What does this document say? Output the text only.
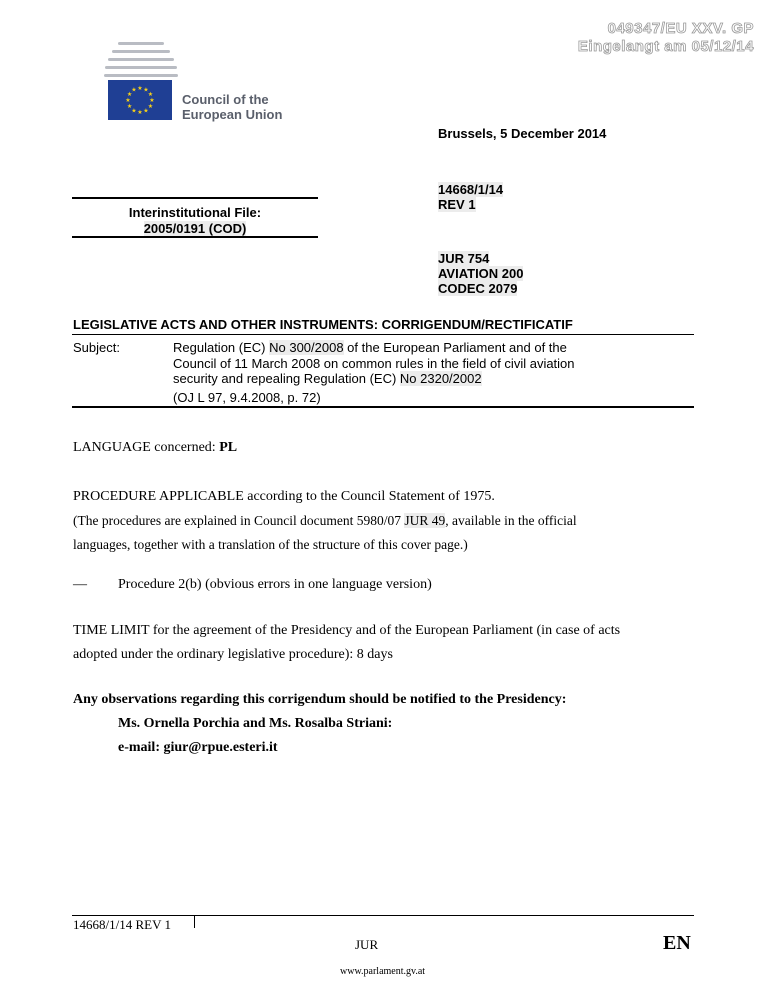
049347/EU XXV. GP
Eingelangt am 05/12/14
★ ★
★
★
★
★
★
★
★
★
★
★
Council of the
European Union
Brussels, 5 December 2014
Interinstitutional File:
2005/0191 (COD)
14668/1/14
REV 1
JUR 754
AVIATION 200
CODEC 2079
LEGISLATIVE ACTS AND OTHER INSTRUMENTS: CORRIGENDUM/RECTIFICATIF
Subject:	Regulation (EC) No 300/2008 of the European Parliament and of the
Council of 11 March 2008 on common rules in the field of civil aviation
security and repealing Regulation (EC) No 2320/2002
(OJ L 97, 9.4.2008, p. 72)
LANGUAGE concerned: PL
PROCEDURE APPLICABLE according to the Council Statement of 1975.
(The procedures are explained in Council document 5980/07 JUR 49, available in the official
languages, together with a translation of the structure of this cover page.)
— Procedure 2(b) (obvious errors in one language version)
TIME LIMIT for the agreement of the Presidency and of the European Parliament (in case of acts
adopted under the ordinary legislative procedure): 8 days
Any observations regarding this corrigendum should be notified to the Presidency:
Ms. Ornella Porchia and Ms. Rosalba Striani:
e-mail: giur@rpue.esteri.it
14668/1/14 REV 1
JUR	EN
www.parlament.gv.at
